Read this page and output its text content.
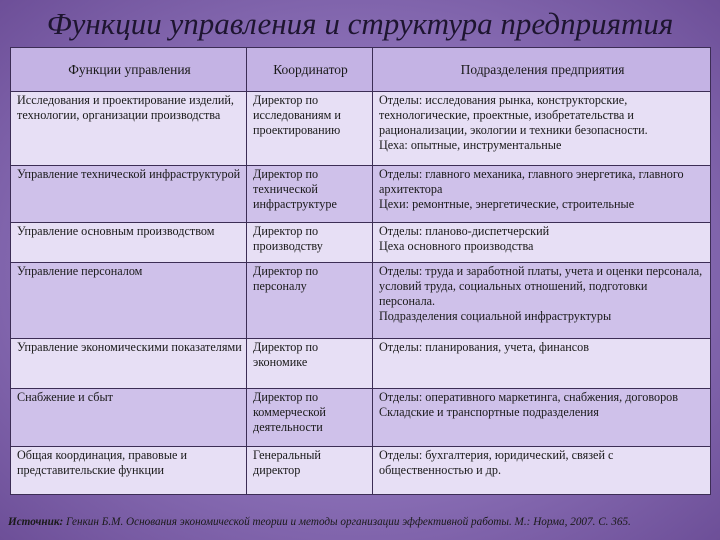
Функции управления и структура предприятия
Функции управления	Координатор	Подразделения предприятия
Исследования и проектирование изделий, технологии, организации производства	Директор по исследованиям и проектированию	Отделы: исследования рынка, конструкторские, технологические, проектные, изобретательства и рационализации, экологии и техники безопасности.
Цеха: опытные, инструментальные

Управление технической инфраструктурой	Директор по технической инфраструктуре	Отделы: главного механика, главного энергетика, главного архитектора
Цехи: ремонтные, энергетические, строительные

Управление основным производством	Директор по производству	Отделы: планово-диспетчерский
Цеха основного производства

Управление персоналом	Директор по персоналу	Отделы: труда и заработной платы, учета и оценки персонала, условий труда, социальных отношений, подготовки персонала.
Подразделения социальной инфраструктуры

Управление экономическими показателями	Директор по экономике	Отделы: планирования, учета, финансов

Снабжение и сбыт	Директор по коммерческой деятельности	Отделы: оперативного маркетинга, снабжения, договоров
Складские и транспортные подразделения

Общая координация, правовые и представительские функции	Генеральный директор	Отделы: бухгалтерия, юридический, связей с общественностью и др.
Источник: Генкин Б.М. Основания экономической теории и методы организации эффективной работы. М.: Норма, 2007. С. 365.
